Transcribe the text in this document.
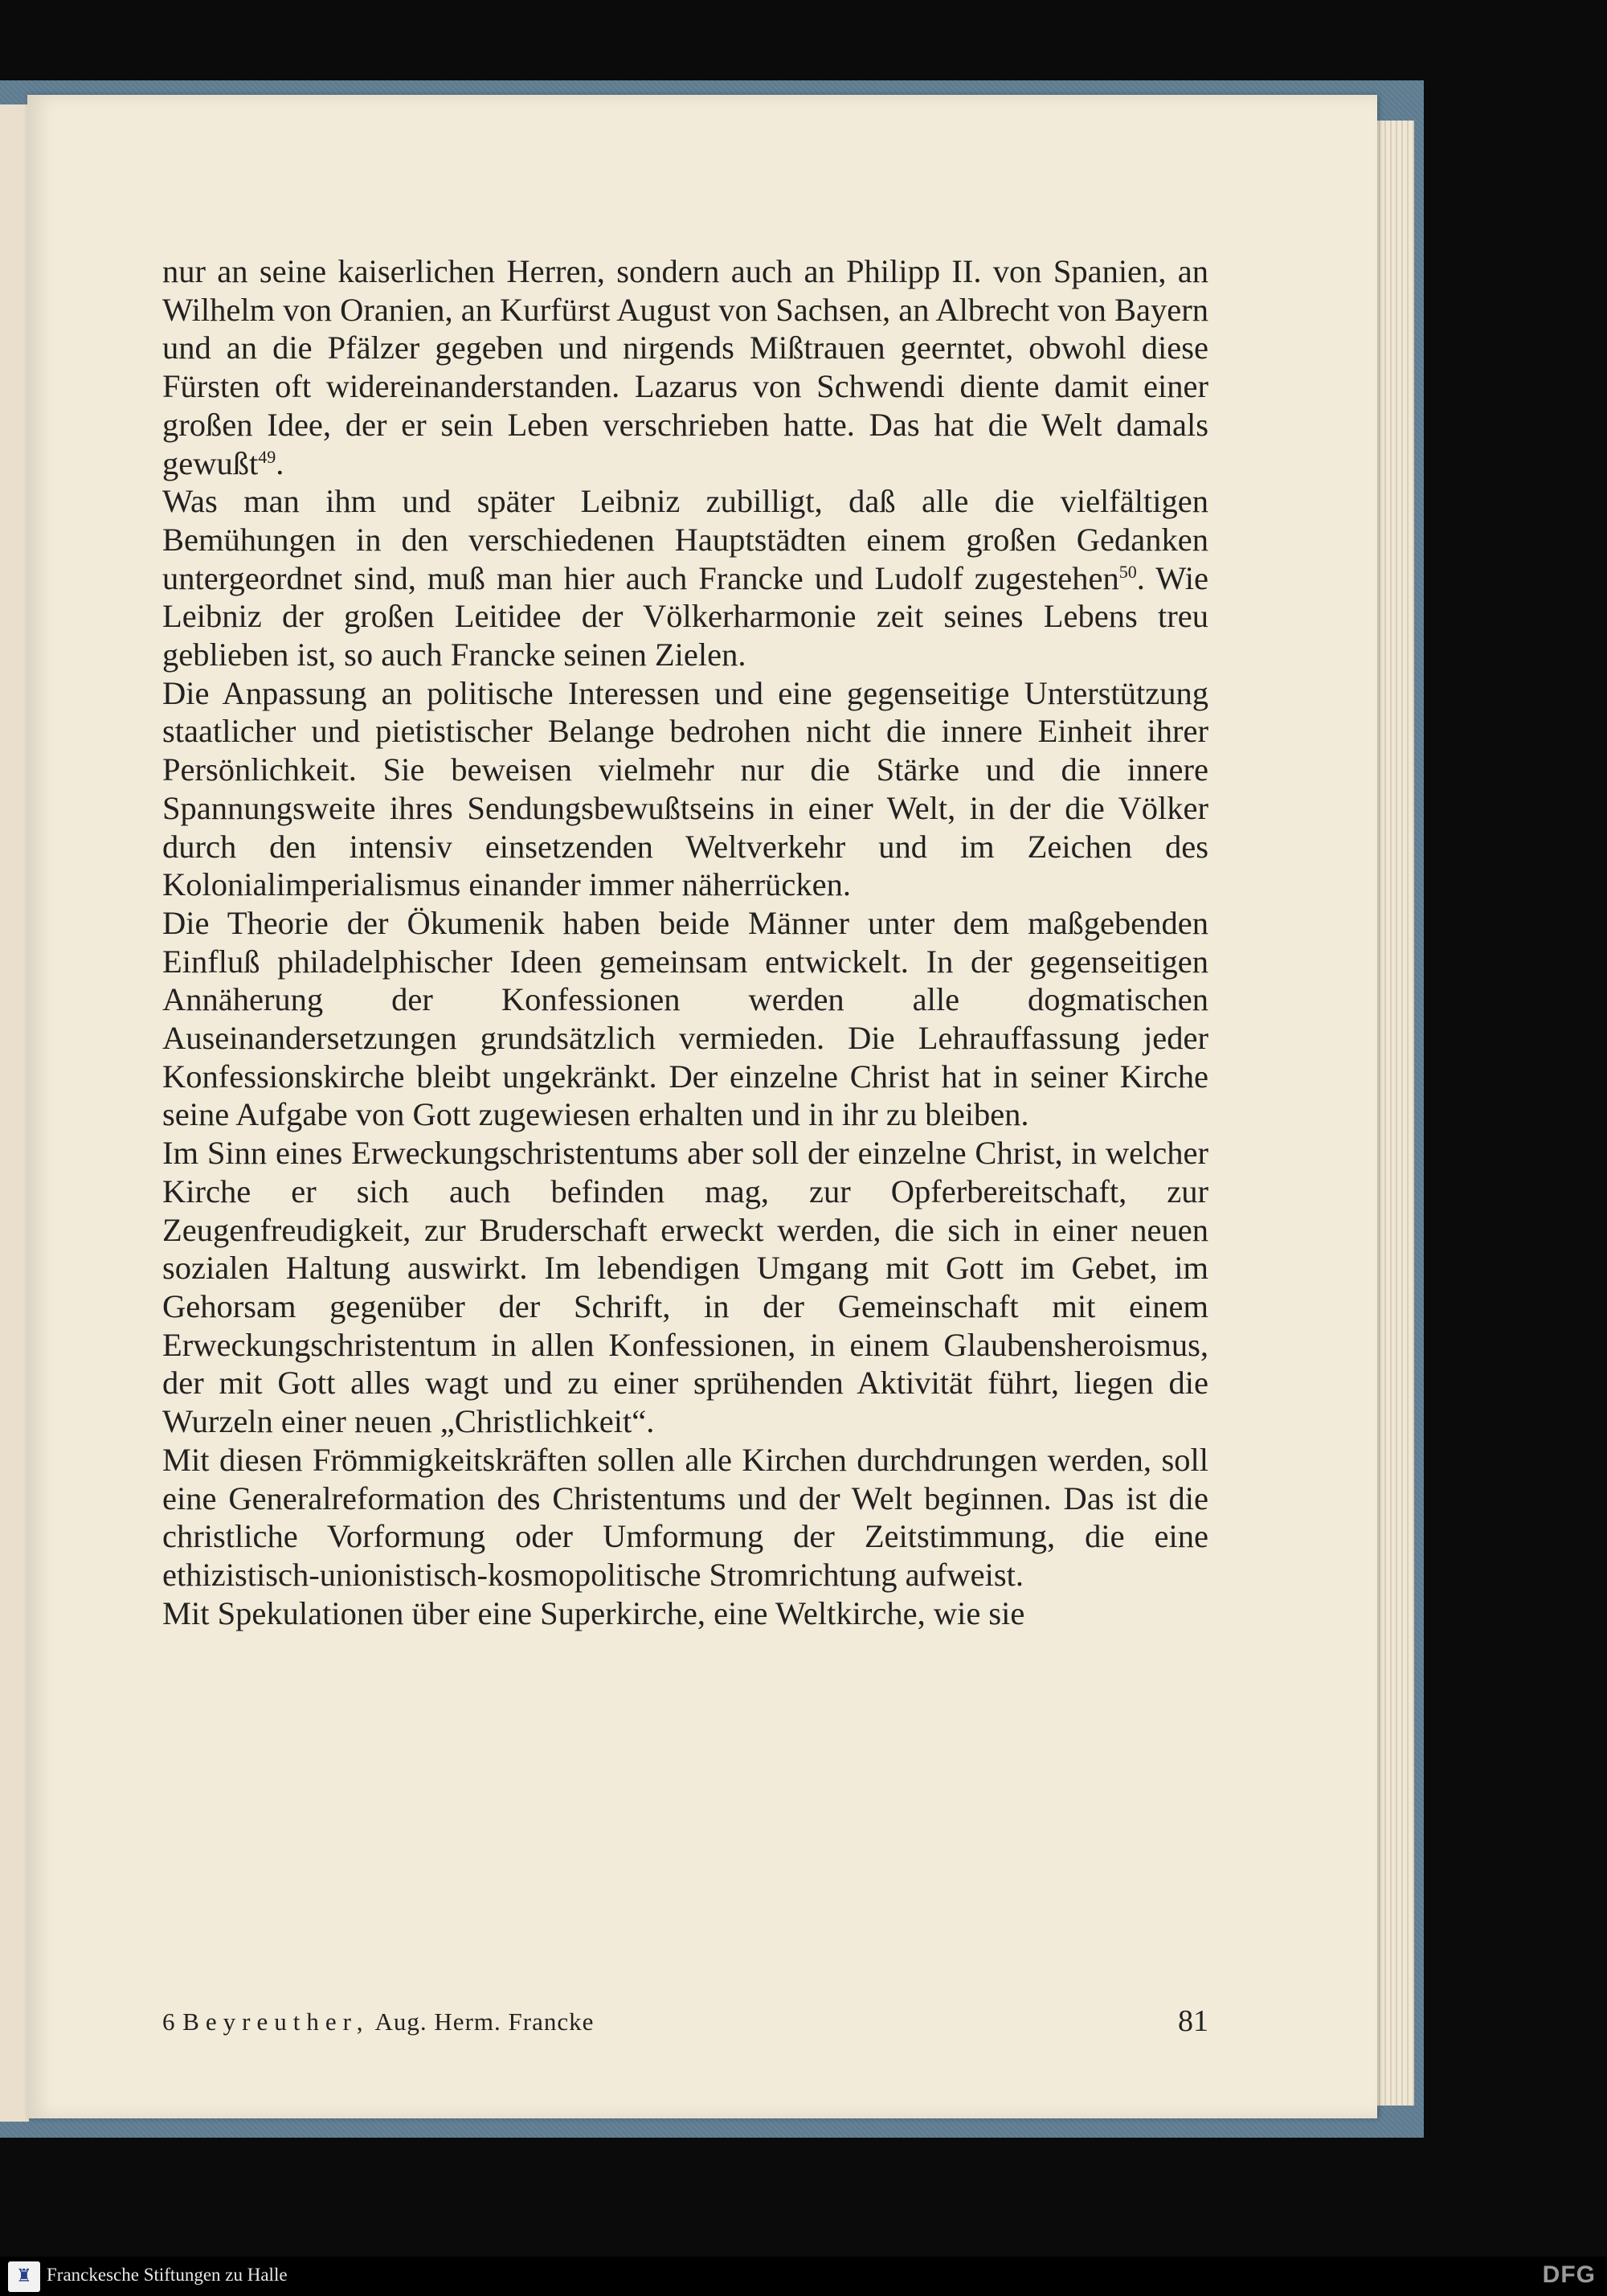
nur an seine kaiserlichen Herren, sondern auch an Philipp II. von Spanien, an Wilhelm von Oranien, an Kurfürst August von Sachsen, an Albrecht von Bayern und an die Pfälzer gegeben und nirgends Mißtrauen geerntet, obwohl diese Fürsten oft widereinanderstanden. Lazarus von Schwendi diente damit einer großen Idee, der er sein Leben verschrieben hatte. Das hat die Welt damals gewußt$^{49}$.

Was man ihm und später Leibniz zubilligt, daß alle die vielfältigen Bemühungen in den verschiedenen Hauptstädten einem großen Gedanken untergeordnet sind, muß man hier auch Francke und Ludolf zugestehen$^{50}$. Wie Leibniz der großen Leitidee der Völkerharmonie zeit seines Lebens treu geblieben ist, so auch Francke seinen Zielen.

Die Anpassung an politische Interessen und eine gegenseitige Unterstützung staatlicher und pietistischer Belange bedrohen nicht die innere Einheit ihrer Persönlichkeit. Sie beweisen vielmehr nur die Stärke und die innere Spannungsweite ihres Sendungsbewußtseins in einer Welt, in der die Völker durch den intensiv einsetzenden Weltverkehr und im Zeichen des Kolonialimperialismus einander immer näherrücken.

Die Theorie der Ökumenik haben beide Männer unter dem maßgebenden Einfluß philadelphischer Ideen gemeinsam entwickelt. In der gegenseitigen Annäherung der Konfessionen werden alle dogmatischen Auseinandersetzungen grundsätzlich vermieden. Die Lehrauffassung jeder Konfessionskirche bleibt ungekränkt. Der einzelne Christ hat in seiner Kirche seine Aufgabe von Gott zugewiesen erhalten und in ihr zu bleiben.

Im Sinn eines Erweckungschristentums aber soll der einzelne Christ, in welcher Kirche er sich auch befinden mag, zur Opferbereitschaft, zur Zeugenfreudigkeit, zur Bruderschaft erweckt werden, die sich in einer neuen sozialen Haltung auswirkt. Im lebendigen Umgang mit Gott im Gebet, im Gehorsam gegenüber der Schrift, in der Gemeinschaft mit einem Erweckungschristentum in allen Konfessionen, in einem Glaubensheroismus, der mit Gott alles wagt und zu einer sprühenden Aktivität führt, liegen die Wurzeln einer neuen „Christlichkeit“.

Mit diesen Frömmigkeitskräften sollen alle Kirchen durchdrungen werden, soll eine Generalreformation des Christentums und der Welt beginnen. Das ist die christliche Vorformung oder Umformung der Zeitstimmung, die eine ethizistisch-unionistisch-kosmopolitische Stromrichtung aufweist.

Mit Spekulationen über eine Superkirche, eine Weltkirche, wie sie

6 Beyreuther, Aug. Herm. Francke	81
♜ Franckesche Stiftungen zu Halle	DFG
